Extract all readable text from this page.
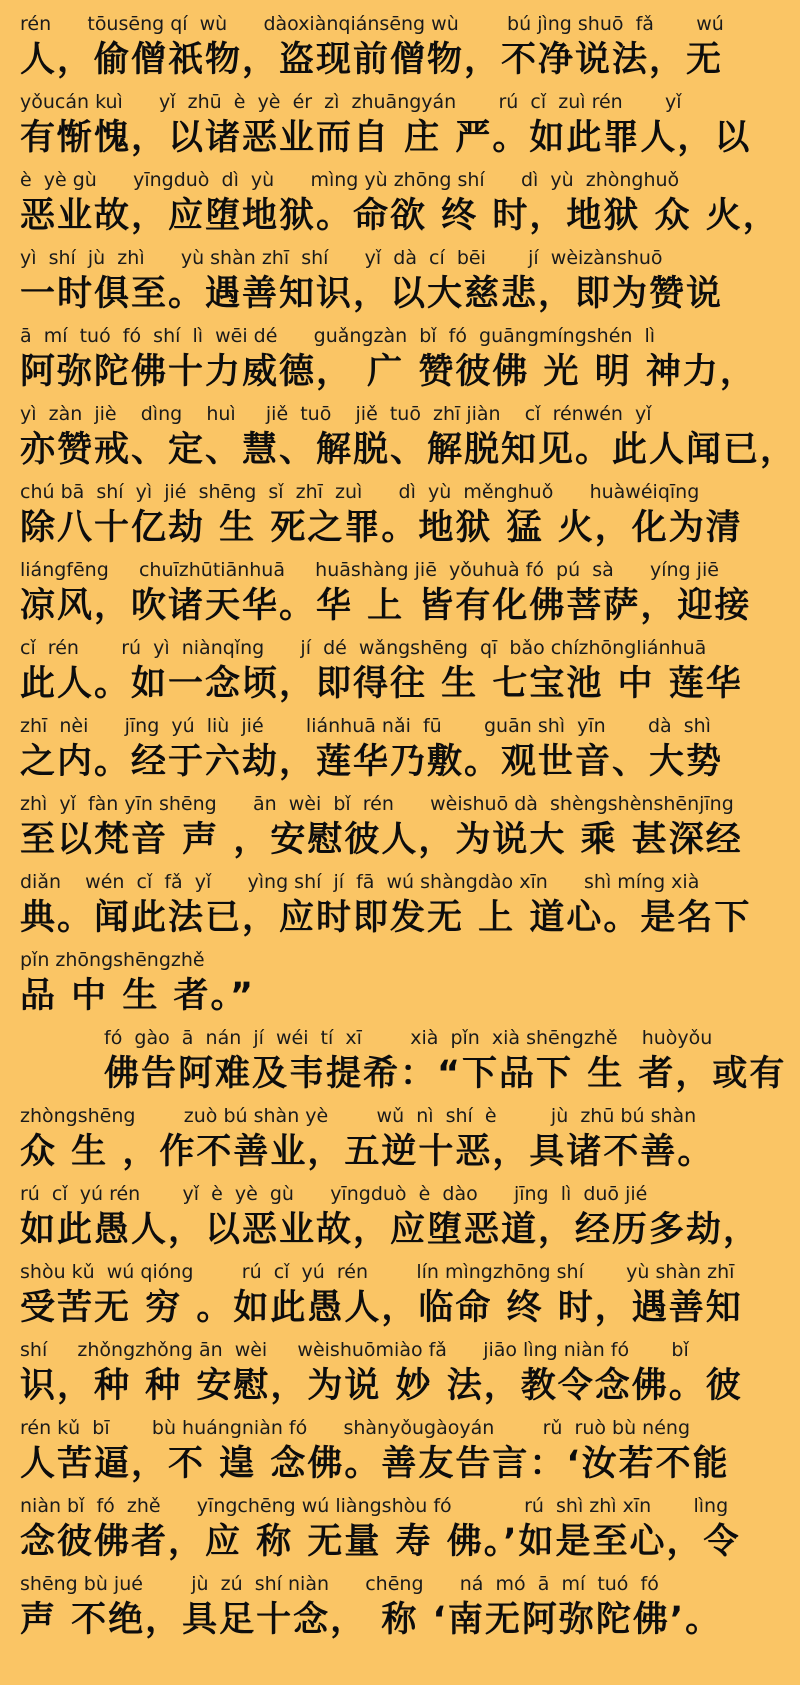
rén      tōusēng qí  wù      dàoxiànqiánsēng wù        bú jìng shuō  fǎ       wú
人，偷僧祇物，盗现前僧物，不净说法，无
yǒucán kuì      yǐ  zhū  è  yè  ér  zì  zhuāngyán       rú  cǐ  zuì rén       yǐ
有惭愧，以诸恶业而自 庄 严。如此罪人，以
è  yè gù      yīngduò  dì  yù      mìng yù zhōng shí      dì  yù  zhònghuǒ
恶业故，应堕地狱。命欲 终 时，地狱 众 火，
yì  shí  jù  zhì      yù shàn zhī  shí      yǐ  dà  cí  bēi       jí  wèizànshuō
一时俱至。遇善知识，以大慈悲，即为赞说
ā  mí  tuó  fó  shí  lì  wēi dé      guǎngzàn  bǐ  fó  guāngmíngshén  lì
阿弥陀佛十力威德， 广 赞彼佛 光 明 神力，
yì  zàn  jiè    dìng    huì     jiě  tuō    jiě  tuō  zhī jiàn    cǐ  rénwén  yǐ
亦赞戒、定、慧、解脱、解脱知见。此人闻已，
chú bā  shí  yì  jié  shēng  sǐ  zhī  zuì      dì  yù  měnghuǒ      huàwéiqīng
除八十亿劫 生 死之罪。地狱 猛 火，化为清
liángfēng     chuīzhūtiānhuā     huāshàng jiē  yǒuhuà fó  pú  sà      yíng jiē
凉风，吹诸天华。华 上 皆有化佛菩萨，迎接
cǐ  rén       rú  yì  niànqǐng      jí  dé  wǎngshēng  qī  bǎo chízhōngliánhuā
此人。如一念顷，即得往 生 七宝池 中 莲华
zhī  nèi      jīng  yú  liù  jié       liánhuā nǎi  fū       guān shì  yīn       dà  shì
之内。经于六劫，莲华乃敷。观世音、大势
zhì  yǐ  fàn yīn shēng      ān  wèi  bǐ  rén      wèishuō dà  shèngshènshēnjīng
至以梵音 声 ，安慰彼人，为说大 乘 甚深经
diǎn    wén  cǐ  fǎ  yǐ      yìng shí  jí  fā  wú shàngdào xīn      shì míng xià
典。闻此法已，应时即发无 上 道心。是名下
pǐn zhōngshēngzhě
品 中 生 者。”
fó  gào  ā  nán  jí  wéi  tí  xī        xià  pǐn  xià shēngzhě    huòyǒu
佛告阿难及韦提希：“下品下 生 者，或有
zhòngshēng        zuò bú shàn yè        wǔ  nì  shí  è         jù  zhū bú shàn
众 生 ，作不善业，五逆十恶，具诸不善。
rú  cǐ  yú rén       yǐ  è  yè  gù      yīngduò  è  dào      jīng  lì  duō jié
如此愚人，以恶业故，应堕恶道，经历多劫，
shòu kǔ  wú qióng        rú  cǐ  yú  rén        lín mìngzhōng shí       yù shàn zhī
受苦无 穷 。如此愚人，临命 终 时，遇善知
shí     zhǒngzhǒng ān  wèi     wèishuōmiào fǎ      jiāo lìng niàn fó       bǐ
识，种 种 安慰，为说 妙 法，教令念佛。彼
rén kǔ  bī       bù huángniàn fó      shànyǒugàoyán        rǔ  ruò bù néng
人苦逼，不 遑 念佛。善友告言：‘汝若不能
niàn bǐ  fó  zhě      yīngchēng wú liàngshòu fó            rú  shì zhì xīn       lìng
念彼佛者，应 称 无量 寿 佛。’如是至心，令
shēng bù jué        jù  zú  shí niàn      chēng      ná  mó  ā  mí  tuó  fó
声 不绝，具足十念， 称 ‘南无阿弥陀佛’。
